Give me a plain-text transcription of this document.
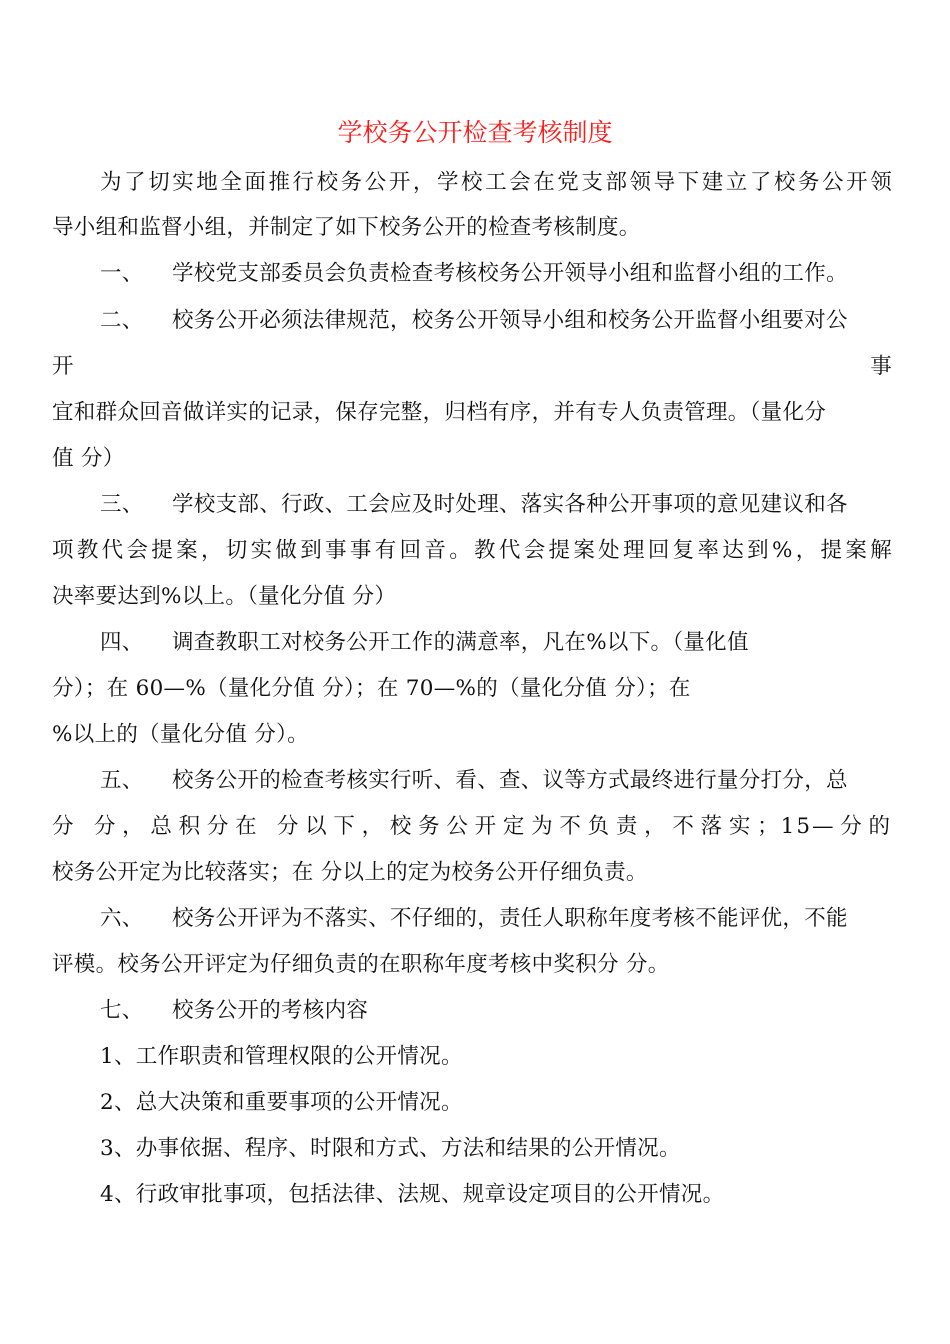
学校务公开检查考核制度
为了切实地全面推行校务公开，学校工会在党支部领导下建立了校务公开领
导小组和监督小组，并制定了如下校务公开的检查考核制度。
一、 学校党支部委员会负责检查考核校务公开领导小组和监督小组的工作。
二、 校务公开必须法律规范，校务公开领导小组和校务公开监督小组要对公
开	事
宜和群众回音做详实的记录，保存完整，归档有序，并有专人负责管理。（量化分
值 分）
三、 学校支部、行政、工会应及时处理、落实各种公开事项的意见建议和各
项教代会提案，切实做到事事有回音。教代会提案处理回复率达到%，提案解
决率要达到%以上。（量化分值 分）
四、 调查教职工对校务公开工作的满意率，凡在%以下。（量化值
分）；在 60—%（量化分值 分）；在 70—%的（量化分值 分）；在
%以上的（量化分值 分）。
五、 校务公开的检查考核实行听、看、查、议等方式最终进行量分打分，总
分 分，总积分在 分以下，校务公开定为不负责，不落实；15—分的
校务公开定为比较落实；在 分以上的定为校务公开仔细负责。
六、 校务公开评为不落实、不仔细的，责任人职称年度考核不能评优，不能
评模。校务公开评定为仔细负责的在职称年度考核中奖积分 分。
七、 校务公开的考核内容
1、工作职责和管理权限的公开情况。
2、总大决策和重要事项的公开情况。
3、办事依据、程序、时限和方式、方法和结果的公开情况。
4、行政审批事项，包括法律、法规、规章设定项目的公开情况。
